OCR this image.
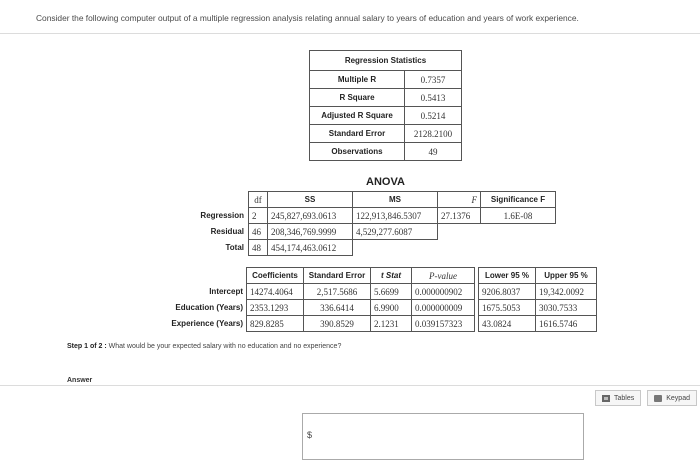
Consider the following computer output of a multiple regression analysis relating annual salary to years of education and years of work experience.
Regression Statistics	
Multiple R	0.7357
R Square	0.5413
Adjusted R Square	0.5214
Standard Error	2128.2100
Observations	49
ANOVA
	df	SS	MS	F	Significance F
Regression	2	245,827,693.0613	122,913,846.5307	27.1376	1.6E-08
Residual	46	208,346,769.9999	4,529,277.6087		
Total	48	454,174,463.0612			
	Coefficients	Standard Error	t Stat	P-value		Lower 95 %	Upper 95 %
Intercept	14274.4064	2,517.5686	5.6699	0.000000902		9206.8037	19,342.0092
Education (Years)	2353.1293	336.6414	6.9900	0.000000009		1675.5053	3030.7533
Experience (Years)	829.8285	390.8529	2.1231	0.039157323		43.0824	1616.5746
Step 1 of 2 : What would be your expected salary with no education and no experience?
Answer
Tables	Keypad
$
